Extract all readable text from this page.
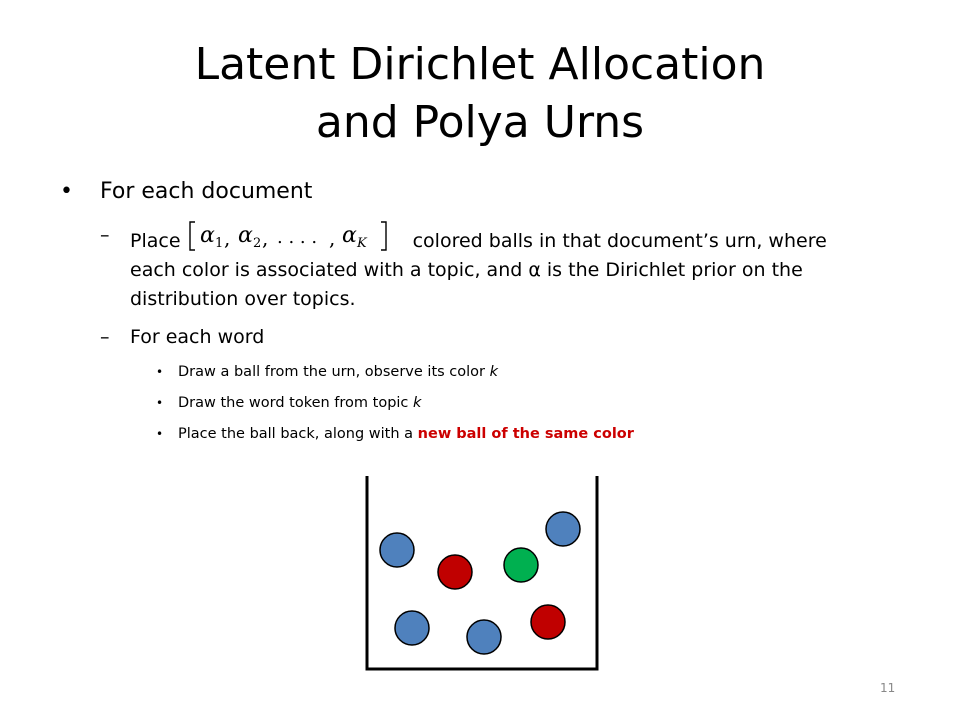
Latent Dirichlet Allocation
and Polya Urns
• For each document
– Place α 1 , α 2 , . . . . , α K colored balls in that document’s urn, where
each color is associated with a topic, and α is the Dirichlet prior on the
distribution over topics.
– For each word
• Draw a ball from the urn, observe its color k
• Draw the word token from topic k
• Place the ball back, along with a new ball of the same color
11
